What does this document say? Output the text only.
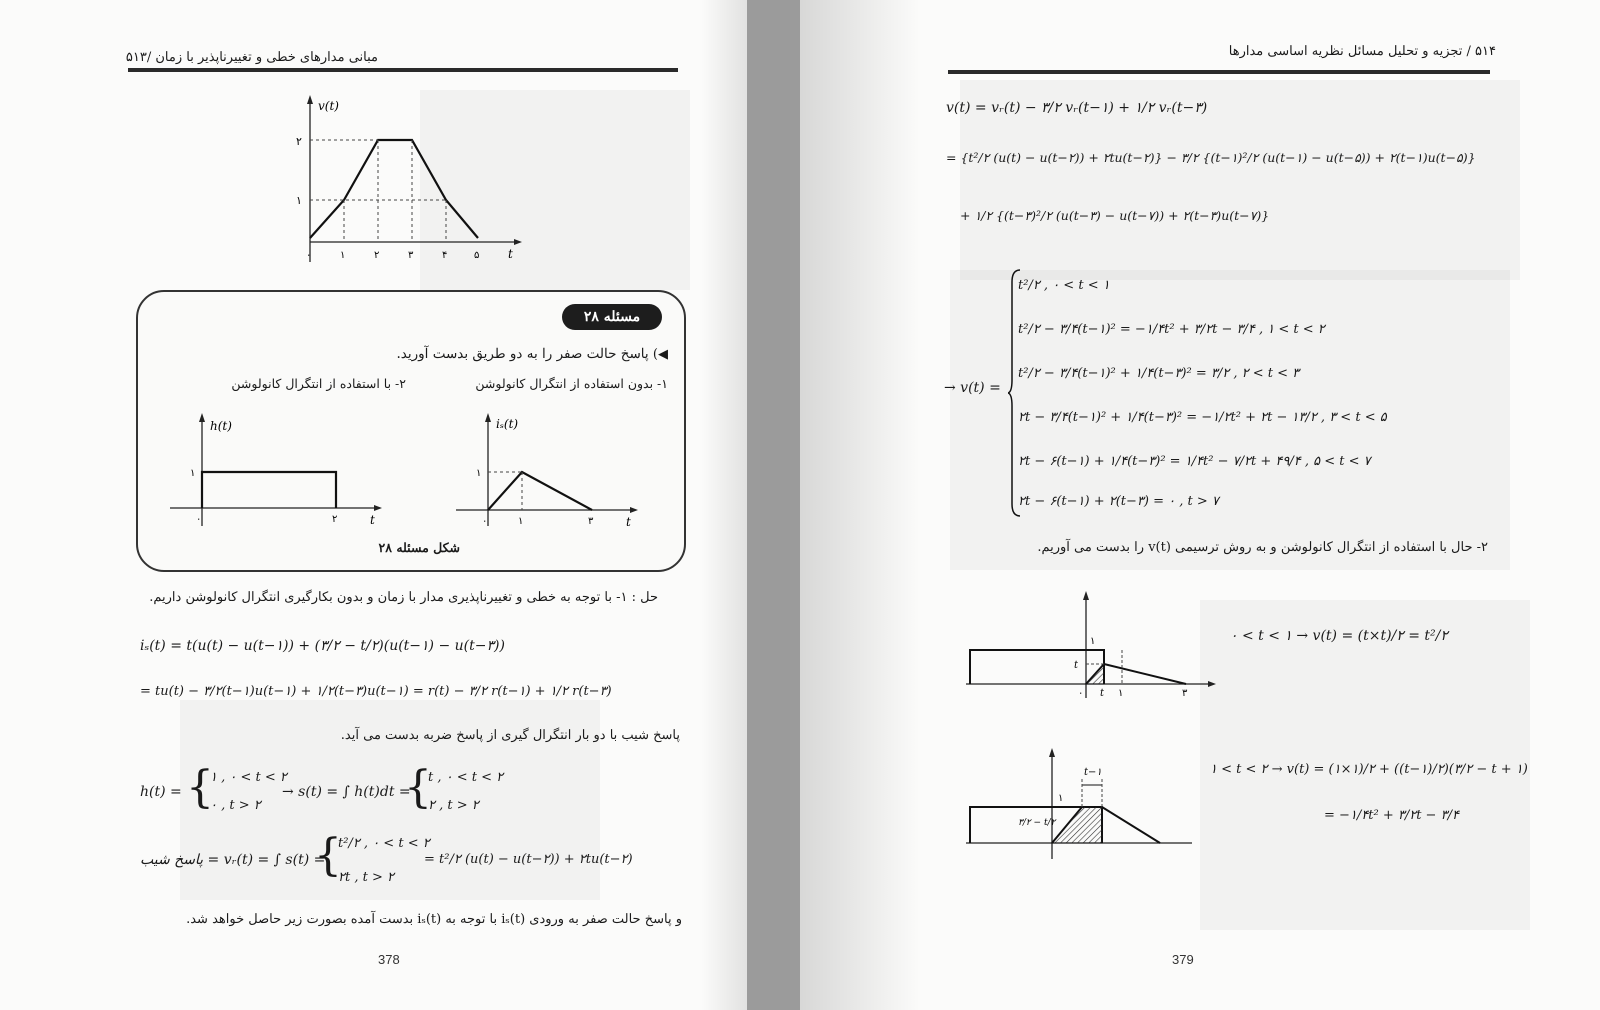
مبانی مدارهای خطی و تغییرناپذیر با زمان /۵۱۳
v(t)
t
۲
۱
۰	۱	۲	۳	۴	۵
مسئله ۲۸
◀) پاسخ حالت صفر را به دو طریق بدست آورید.
۱- بدون استفاده از انتگرال کانولوشن
۲- با استفاده از انتگرال کانولوشن
h(t)
۱
۰	۲	t
iₛ(t)
۱
۰	۱	۳	t
شکل مسئله ۲۸
حل : ۱- با توجه به خطی و تغییرناپذیری مدار با زمان و بدون بکارگیری انتگرال کانولوشن داریم.
iₛ(t) = t(u(t) − u(t−۱)) + (۳/۲ − t/۲)(u(t−۱) − u(t−۳))
= tu(t) − ۳/۲(t−۱)u(t−۱) + ۱/۲(t−۳)u(t−۱) = r(t) − ۳/۲ r(t−۱) + ۱/۲ r(t−۳)
پاسخ شیب با دو بار انتگرال گیری از پاسخ ضربه بدست می آید.
h(t) = {
۱ , ۰ < t < ۲
۰ , t > ۲
→ s(t) = ∫ h(t)dt =
{
t , ۰ < t < ۲
۲ , t > ۲
پاسخ شیب = vᵣ(t) = ∫ s(t) =
{
t²/۲ , ۰ < t < ۲
۲t , t > ۲
= t²/۲ (u(t) − u(t−۲)) + ۲tu(t−۲)
و پاسخ حالت صفر به ورودی iₛ(t) با توجه به iₛ(t) بدست آمده بصورت زیر حاصل خواهد شد.
378
۵۱۴ / تجزیه و تحلیل مسائل نظریه اساسی مدارها
v(t) = vᵣ(t) − ۳/۲ vᵣ(t−۱) + ۱/۲ vᵣ(t−۳)
= {t²/۲ (u(t) − u(t−۲)) + ۲tu(t−۲)} − ۳/۲ {(t−۱)²/۲ (u(t−۱) − u(t−۵)) + ۲(t−۱)u(t−۵)}
+ ۱/۲ {(t−۳)²/۲ (u(t−۳) − u(t−۷)) + ۲(t−۳)u(t−۷)}
→ v(t) =
t²/۲ , ۰ < t < ۱
t²/۲ − ۳/۴(t−۱)² = −۱/۴t² + ۳/۲t − ۳/۴ , ۱ < t < ۲
t²/۲ − ۳/۴(t−۱)² + ۱/۴(t−۳)² = ۳/۲ , ۲ < t < ۳
۲t − ۳/۴(t−۱)² + ۱/۴(t−۳)² = −۱/۲t² + ۲t − ۱۳/۲ , ۳ < t < ۵
۲t − ۶(t−۱) + ۱/۴(t−۳)² = ۱/۴t² − ۷/۲t + ۴۹/۴ , ۵ < t < ۷
۲t − ۶(t−۱) + ۲(t−۳) = ۰ , t > ۷
۲- حال با استفاده از انتگرال کانولوشن و به روش ترسیمی v(t) را بدست می آوریم.
۱
t
۰ t ۱	۳
۰ < t < ۱ → v(t) = (t×t)/۲ = t²/۲
t−۱
۱
۳/۲ − t/۲
۱ < t < ۲ → v(t) = (۱×۱)/۲ + ((t−۱)/۲)(۳/۲ − t + ۱)
= −۱/۴t² + ۳/۲t − ۳/۴
379
